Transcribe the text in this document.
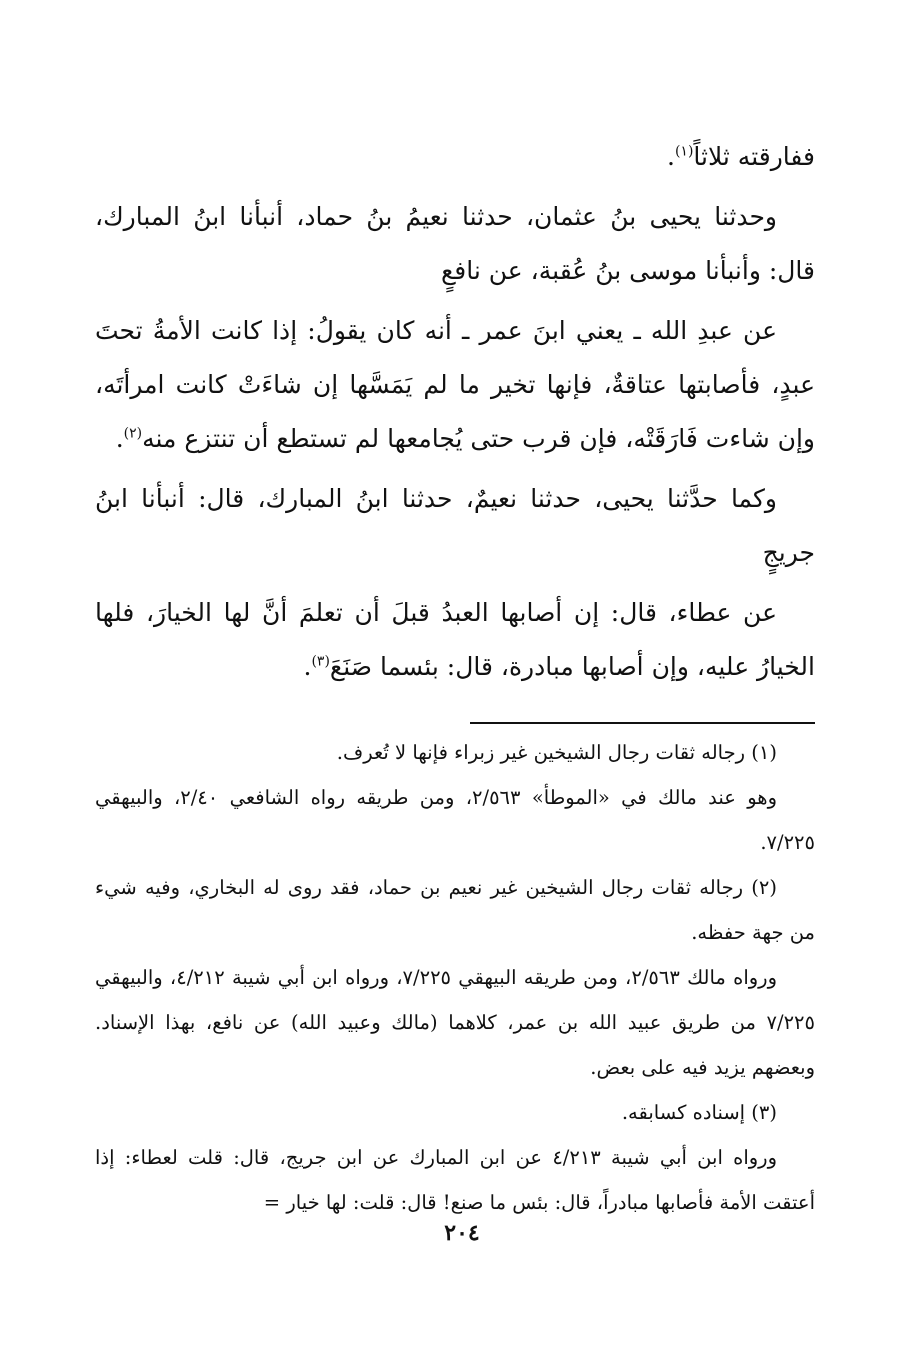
ففارقته ثلاثاً$^{(١)}$.

وحدثنا يحيى بنُ عثمان، حدثنا نعيمُ بنُ حماد، أنبأنا ابنُ المبارك، قال: وأنبأنا موسى بنُ عُقبة، عن نافعٍ

عن عبدِ الله ـ يعني ابنَ عمر ـ أنه كان يقولُ: إذا كانت الأمةُ تحتَ عبدٍ، فأصابتها عتاقةٌ، فإنها تخير ما لم يَمَسَّها إن شاءَتْ كانت امرأتَه، وإن شاءت فَارَقَتْه، فإن قرب حتى يُجامعها لم تستطع أن تنتزع منه$^{(٢)}$.

وكما حدَّثنا يحيى، حدثنا نعيمٌ، حدثنا ابنُ المبارك، قال: أنبأنا ابنُ جريجٍ

عن عطاء، قال: إن أصابها العبدُ قبلَ أن تعلمَ أنَّ لها الخيارَ، فلها الخيارُ عليه، وإن أصابها مبادرة، قال: بئسما صَنَعَ$^{(٣)}$.

(١) رجاله ثقات رجال الشيخين غير زبراء فإنها لا تُعرف.

وهو عند مالك في «الموطأ» ٢/٥٦٣، ومن طريقه رواه الشافعي ٢/٤٠، والبيهقي ٧/٢٢٥.

(٢) رجاله ثقات رجال الشيخين غير نعيم بن حماد، فقد روى له البخاري، وفيه شيء من جهة حفظه.

ورواه مالك ٢/٥٦٣، ومن طريقه البيهقي ٧/٢٢٥، ورواه ابن أبي شيبة ٤/٢١٢، والبيهقي ٧/٢٢٥ من طريق عبيد الله بن عمر، كلاهما (مالك وعبيد الله) عن نافع، بهذا الإسناد. وبعضهم يزيد فيه على بعض.

(٣) إسناده كسابقه.

ورواه ابن أبي شيبة ٤/٢١٣ عن ابن المبارك عن ابن جريج، قال: قلت لعطاء: إذا أعتقت الأمة فأصابها مبادراً، قال: بئس ما صنع! قال: قلت: لها خيار =

٢٠٤
